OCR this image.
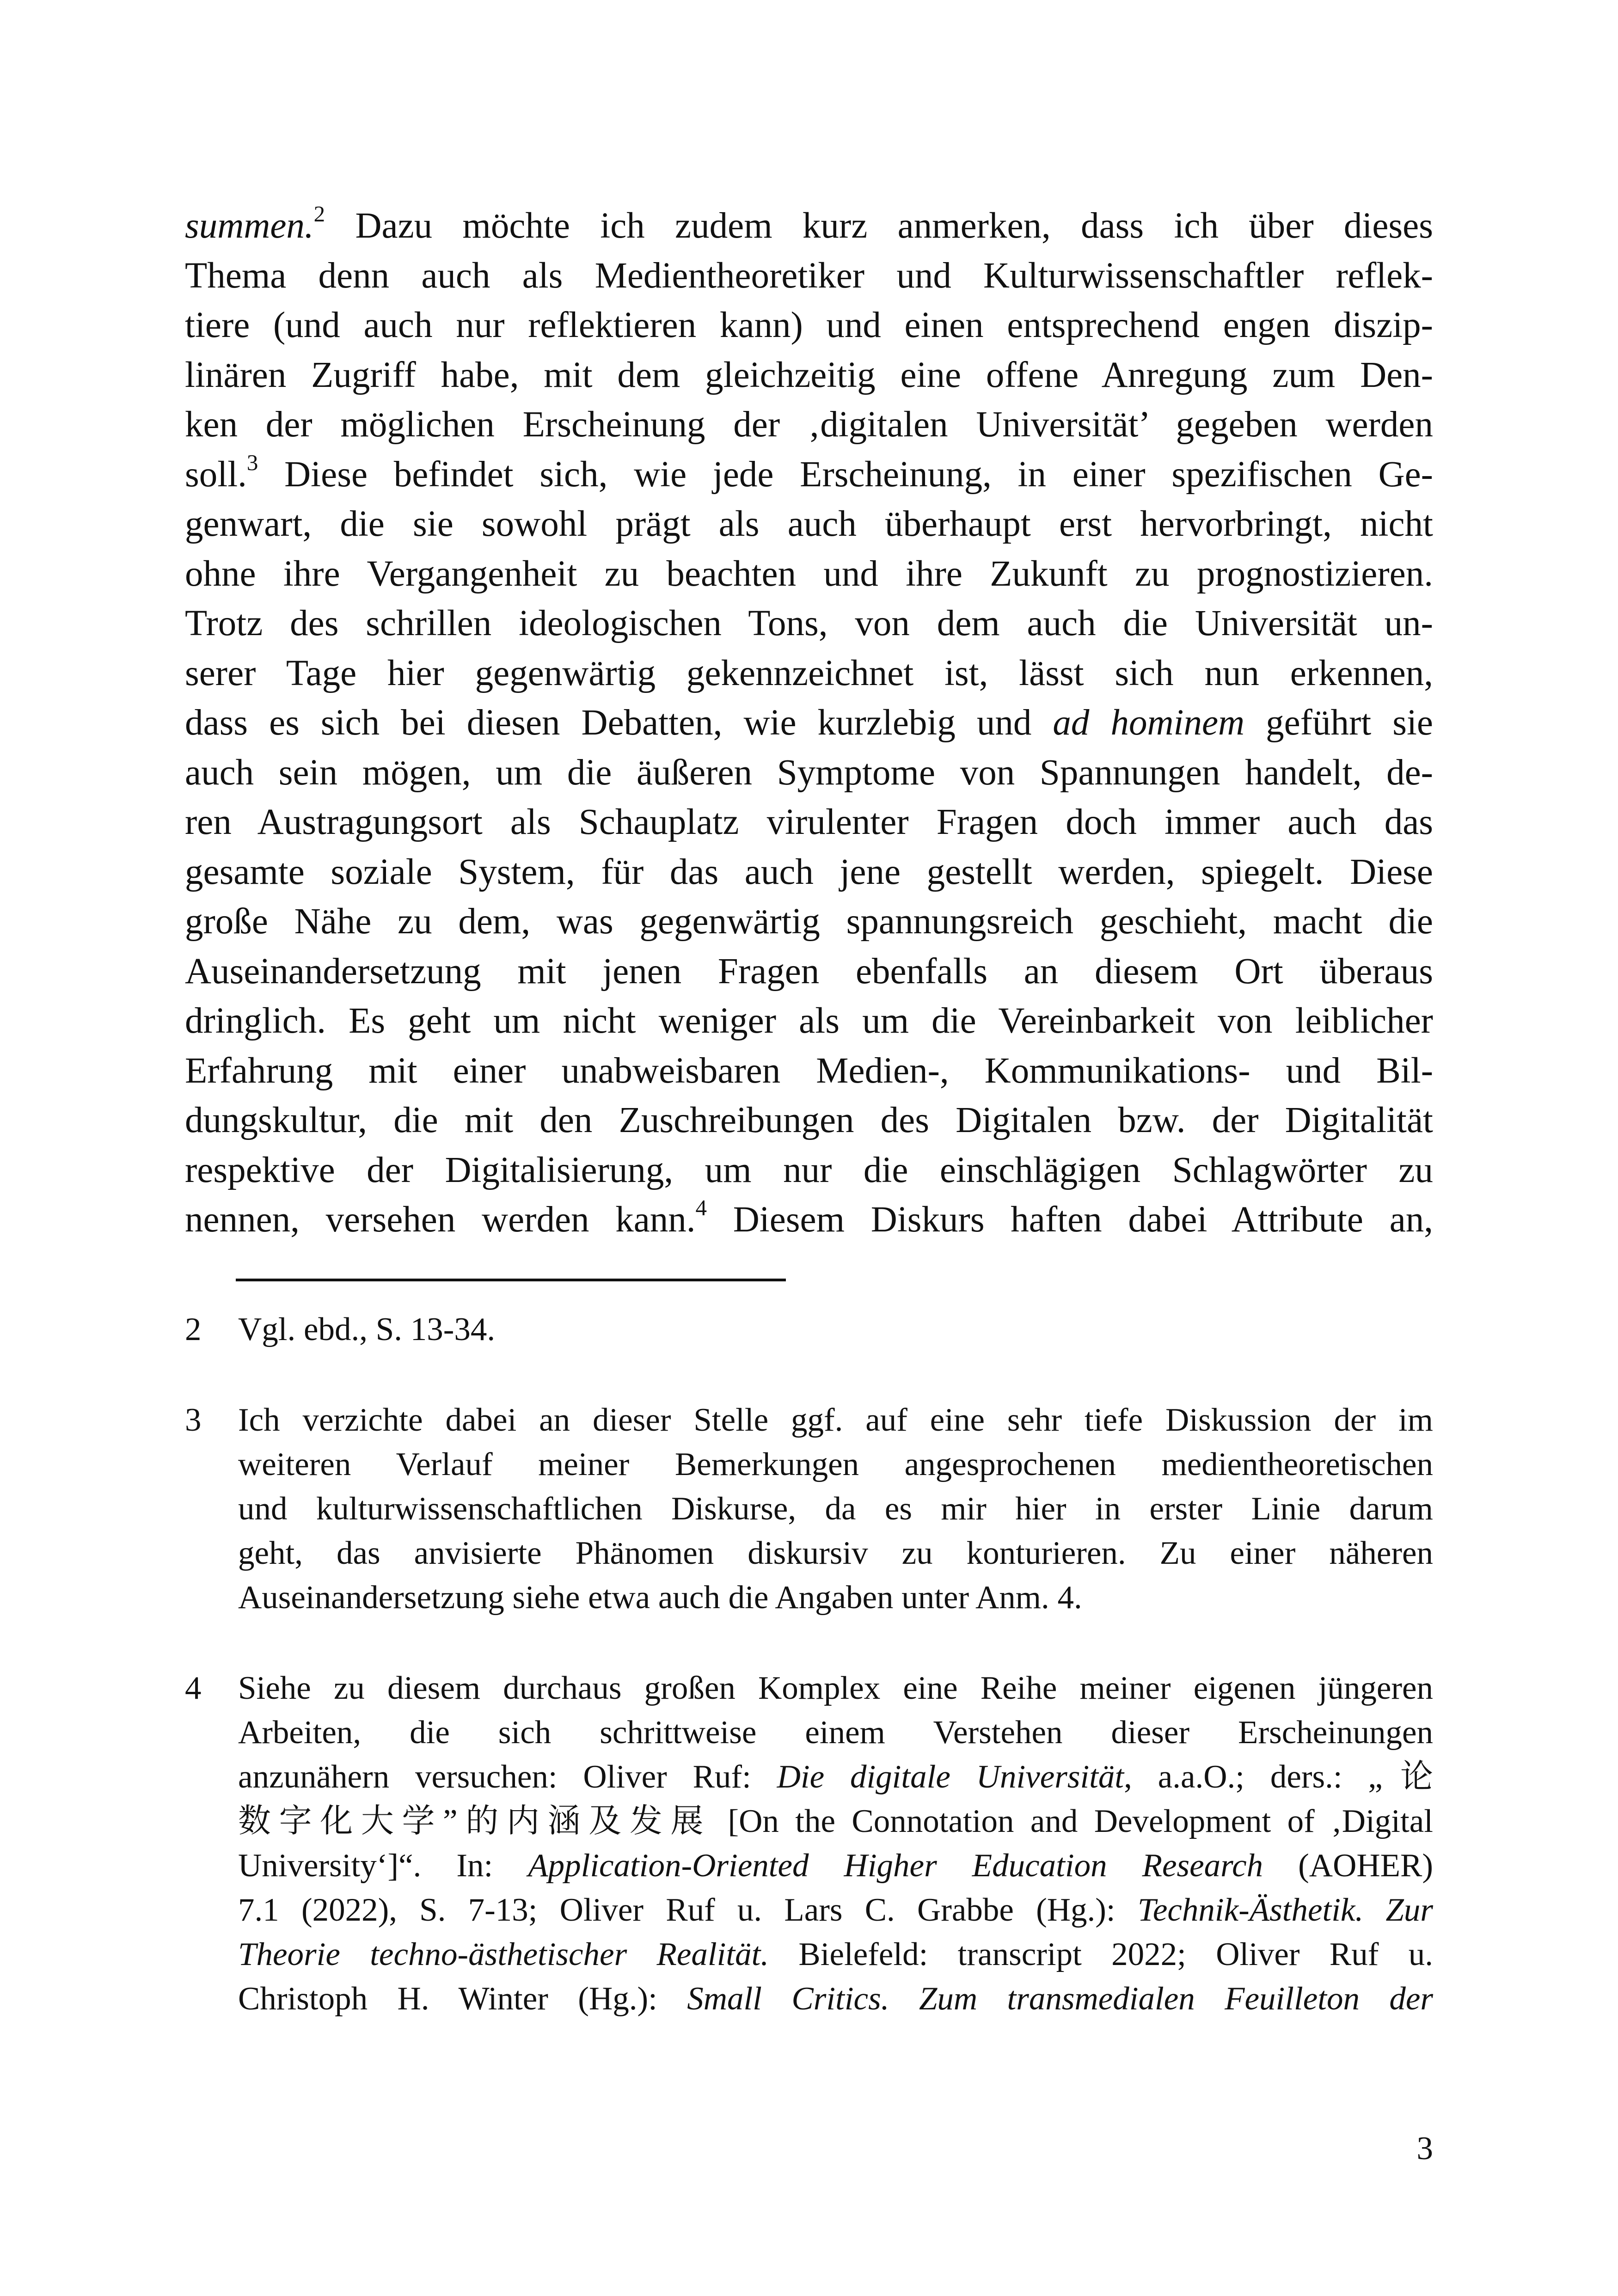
summen.$^2$ Dazu möchte ich zudem kurz anmerken, dass ich über dieses
Thema denn auch als Medientheoretiker und Kulturwissenschaftler reflek-
tiere (und auch nur reflektieren kann) und einen entsprechend engen diszip-
linären Zugriff habe, mit dem gleichzeitig eine offene Anregung zum Den-
ken der möglichen Erscheinung der ‚digitalen Universität’ gegeben werden
soll.$^3$ Diese befindet sich, wie jede Erscheinung, in einer spezifischen Ge-
genwart, die sie sowohl prägt als auch überhaupt erst hervorbringt, nicht
ohne ihre Vergangenheit zu beachten und ihre Zukunft zu prognostizieren.
Trotz des schrillen ideologischen Tons, von dem auch die Universität un-
serer Tage hier gegenwärtig gekennzeichnet ist, lässt sich nun erkennen,
dass es sich bei diesen Debatten, wie kurzlebig und ad hominem geführt sie
auch sein mögen, um die äußeren Symptome von Spannungen handelt, de-
ren Austragungsort als Schauplatz virulenter Fragen doch immer auch das
gesamte soziale System, für das auch jene gestellt werden, spiegelt. Diese
große Nähe zu dem, was gegenwärtig spannungsreich geschieht, macht die
Auseinandersetzung mit jenen Fragen ebenfalls an diesem Ort überaus
dringlich. Es geht um nicht weniger als um die Vereinbarkeit von leiblicher
Erfahrung mit einer unabweisbaren Medien-, Kommunikations- und Bil-
dungskultur, die mit den Zuschreibungen des Digitalen bzw. der Digitalität
respektive der Digitalisierung, um nur die einschlägigen Schlagwörter zu
nennen, versehen werden kann.$^4$ Diesem Diskurs haften dabei Attribute an,
2 Vgl. ebd., S. 13-34.
3 Ich verzichte dabei an dieser Stelle ggf. auf eine sehr tiefe Diskussion der im
weiteren Verlauf meiner Bemerkungen angesprochenen medientheoretischen
und kulturwissenschaftlichen Diskurse, da es mir hier in erster Linie darum
geht, das anvisierte Phänomen diskursiv zu konturieren. Zu einer näheren
Auseinandersetzung siehe etwa auch die Angaben unter Anm. 4.
4 Siehe zu diesem durchaus großen Komplex eine Reihe meiner eigenen jüngeren
Arbeiten, die sich schrittweise einem Verstehen dieser Erscheinungen
anzunähern versuchen: Oliver Ruf: Die digitale Universität, a.a.O.; ders.: „论
数字化大学”的内涵及发展 [On the Connotation and Development of ‚Digital
University‘]“. In: Application-Oriented Higher Education Research (AOHER)
7.1 (2022), S. 7-13; Oliver Ruf u. Lars C. Grabbe (Hg.): Technik-Ästhetik. Zur
Theorie techno-ästhetischer Realität. Bielefeld: transcript 2022; Oliver Ruf u.
Christoph H. Winter (Hg.): Small Critics. Zum transmedialen Feuilleton der
3
